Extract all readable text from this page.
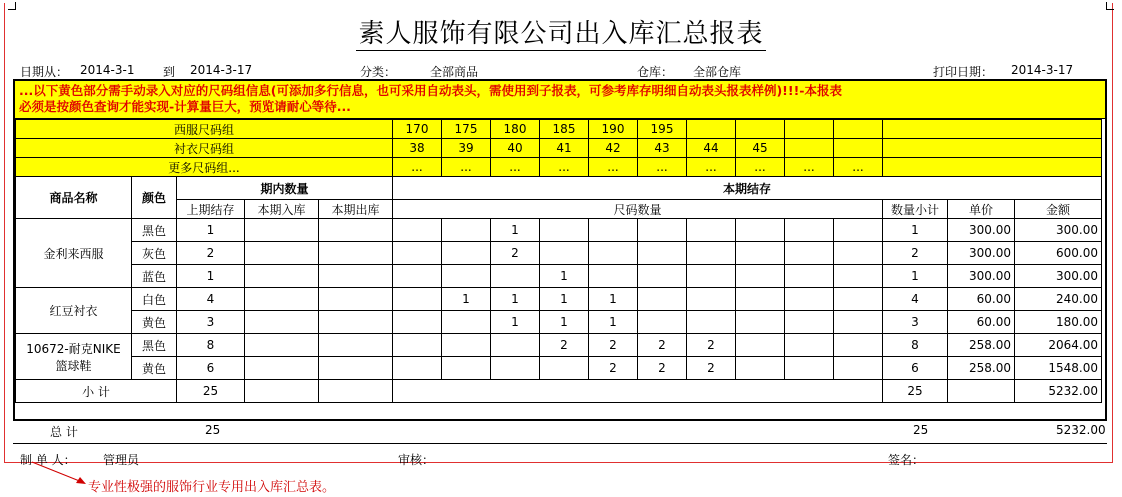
素人服饰有限公司出入库汇总报表
日期从： 2014-3-1 到 2014-3-17	分类：	全部商品	仓库： 全部仓库	打印日期： 2014-3-17
...以下黄色部分需手动录入对应的尺码组信息(可添加多行信息，也可采用自动表头，需使用到子报表，可参考库存明细自动表头报表样例)!!!-本报表
必须是按颜色查询才能实现-计算量巨大，预览请耐心等待...
西服尺码组					170	175	180	185	190	195							
衬衣尺码组					38	39	40	41	42	43	44	45					
更多尺码组...					...	...	...	...	...	...	...	...	...	...			
商品名称	颜色	期内数量			本期结存												
		上期结存	本期入库	本期出库	尺码数量										数量小计	单价	金额
金利来西服	黑色	1					1								1	300.00	300.00
	灰色	2					2								2	300.00	600.00
	蓝色	1						1							1	300.00	300.00
红豆衬衣	白色	4				1	1	1	1						4	60.00	240.00
	黄色	3					1	1	1						3	60.00	180.00

10672-耐克NIKE
篮球鞋	黑色	8						2	2	2	2				8	258.00	2064.00
	黄色	6							2	2	2				6	258.00	1548.00
小 计		25													25		5232.00
总 计	25	25	5232.00
制 单 人： 管理员	审核：	签名：
专业性极强的服饰行业专用出入库汇总表。
